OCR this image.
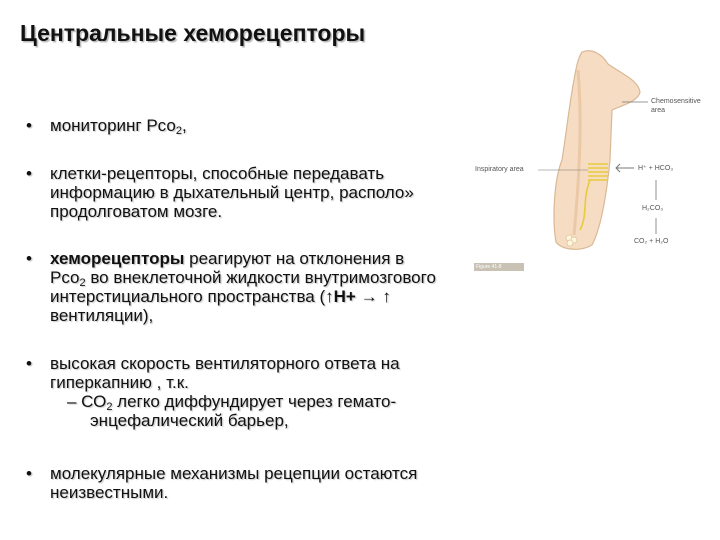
Центральные хеморецепторы
• мониторинг Рсо$_2$,
• клетки-рецепторы, способные передавать
информацию в дыхательный центр, располо»
продолговатом мозге.
• хеморецепторы реагируют на отклонения в
Рсо$_2$ во внеклеточной жидкости внутримозгового
интерстициального пространства (↑Н+ → ↑
вентиляции),
• высокая скорость вентиляторного ответа на
гиперкапнию , т.к.
– $СО_2$ легко диффундирует через гемато-
энцефалический барьер,
• молекулярные механизмы рецепции остаются
неизвестными.
Chemosensitive
area
Inspiratory area	H⁺ + HCO₃
H₂CO₃
CO₂ + H₂O
Figure 41-8
